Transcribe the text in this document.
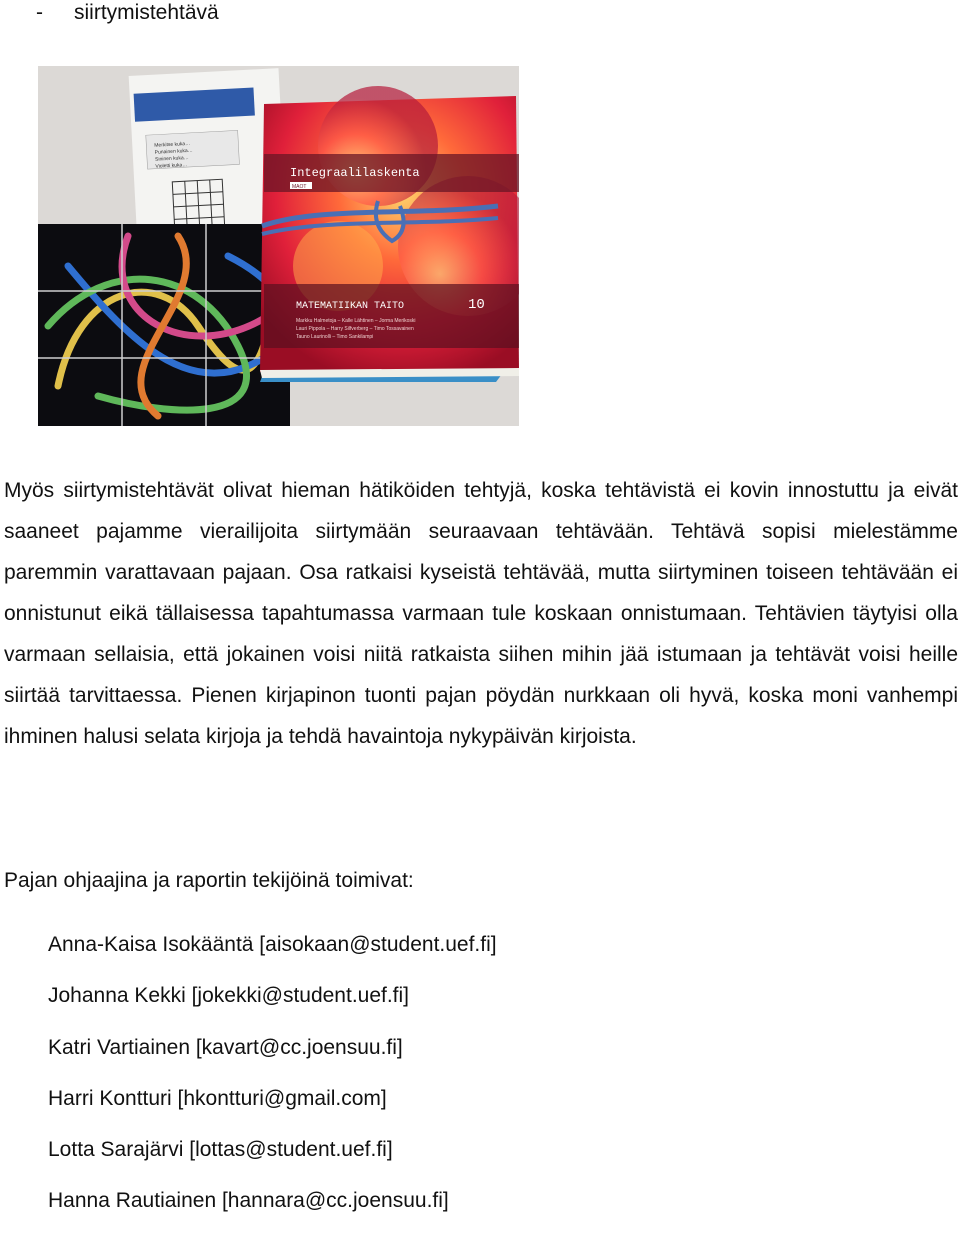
- siirtymistehtävä
Merkitse kuka…
Punainen kuka…
Sininen kuka…
Violetti kuka…
Integraalilaskenta
MAOT
MATEMATIIKAN TAITO	10
Markku Halmetoja – Kalle Lähtinen – Jorma Merikoski
Lauri Pippola – Harry Silfverberg – Timo Tossavainen
Tauno Laurinolli – Timo Sankilampi

Myös siirtymistehtävät olivat hieman hätiköiden tehtyjä, koska tehtävistä ei kovin innostuttu ja eivät saaneet pajamme vierailijoita siirtymään seuraavaan tehtävään. Tehtävä sopisi mielestämme paremmin varattavaan pajaan. Osa ratkaisi kyseistä tehtävää, mutta siirtyminen toiseen tehtävään ei onnistunut eikä tällaisessa tapahtumassa varmaan tule koskaan onnistumaan. Tehtävien täytyisi olla varmaan sellaisia, että jokainen voisi niitä ratkaista siihen mihin jää istumaan ja tehtävät voisi heille siirtää tarvittaessa. Pienen kirjapinon tuonti pajan pöydän nurkkaan oli hyvä, koska moni vanhempi ihminen halusi selata kirjoja ja tehdä havaintoja nykypäivän kirjoista.

Pajan ohjaajina ja raportin tekijöinä toimivat:

Anna-Kaisa Isokääntä [aisokaan@student.uef.fi]
Johanna Kekki [jokekki@student.uef.fi]
Katri Vartiainen [kavart@cc.joensuu.fi]
Harri Kontturi [hkontturi@gmail.com]
Lotta Sarajärvi [lottas@student.uef.fi]
Hanna Rautiainen [hannara@cc.joensuu.fi]
